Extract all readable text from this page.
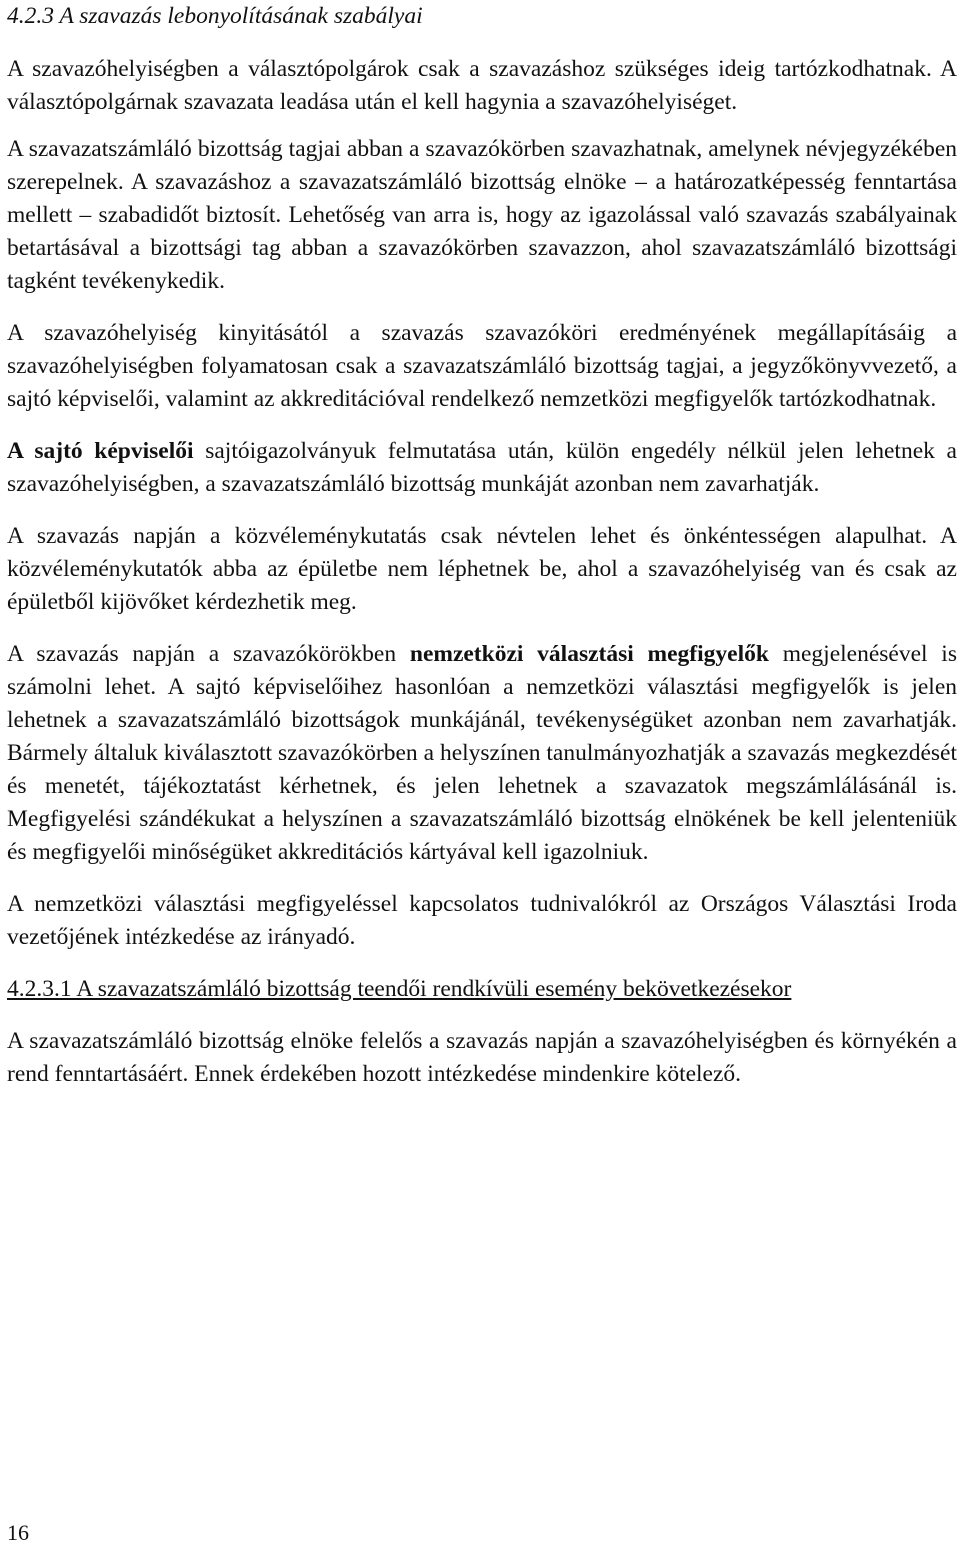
4.2.3 A szavazás lebonyolításának szabályai

A szavazóhelyiségben a választópolgárok csak a szavazáshoz szükséges ideig tartózkodhatnak. A választópolgárnak szavazata leadása után el kell hagynia a szavazóhelyiséget.

A szavazatszámláló bizottság tagjai abban a szavazókörben szavazhatnak, amelynek névjegyzékében szerepelnek. A szavazáshoz a szavazatszámláló bizottság elnöke – a határozatképesség fenntartása mellett – szabadidőt biztosít. Lehetőség van arra is, hogy az igazolással való szavazás szabályainak betartásával a bizottsági tag abban a szavazókörben szavazzon, ahol szavazatszámláló bizottsági tagként tevékenykedik.

A szavazóhelyiség kinyitásától a szavazás szavazóköri eredményének megállapításáig a szavazóhelyiségben folyamatosan csak a szavazatszámláló bizottság tagjai, a jegyzőkönyvvezető, a sajtó képviselői, valamint az akkreditációval rendelkező nemzetközi megfigyelők tartózkodhatnak.

A sajtó képviselői sajtóigazolványuk felmutatása után, külön engedély nélkül jelen lehetnek a szavazóhelyiségben, a szavazatszámláló bizottság munkáját azonban nem zavarhatják.

A szavazás napján a közvéleménykutatás csak névtelen lehet és önkéntességen alapulhat. A közvéleménykutatók abba az épületbe nem léphetnek be, ahol a szavazóhelyiség van és csak az épületből kijövőket kérdezhetik meg.

A szavazás napján a szavazókörökben nemzetközi választási megfigyelők megjelenésével is számolni lehet. A sajtó képviselőihez hasonlóan a nemzetközi választási megfigyelők is jelen lehetnek a szavazatszámláló bizottságok munkájánál, tevékenységüket azonban nem zavarhatják. Bármely általuk kiválasztott szavazókörben a helyszínen tanulmányozhatják a szavazás megkezdését és menetét, tájékoztatást kérhetnek, és jelen lehetnek a szavazatok megszámlálásánál is. Megfigyelési szándékukat a helyszínen a szavazatszámláló bizottság elnökének be kell jelenteniük és megfigyelői minőségüket akkreditációs kártyával kell igazolniuk.

A nemzetközi választási megfigyeléssel kapcsolatos tudnivalókról az Országos Választási Iroda vezetőjének intézkedése az irányadó.

4.2.3.1 A szavazatszámláló bizottság teendői rendkívüli esemény bekövetkezésekor

A szavazatszámláló bizottság elnöke felelős a szavazás napján a szavazóhelyiségben és környékén a rend fenntartásáért. Ennek érdekében hozott intézkedése mindenkire kötelező.

16
